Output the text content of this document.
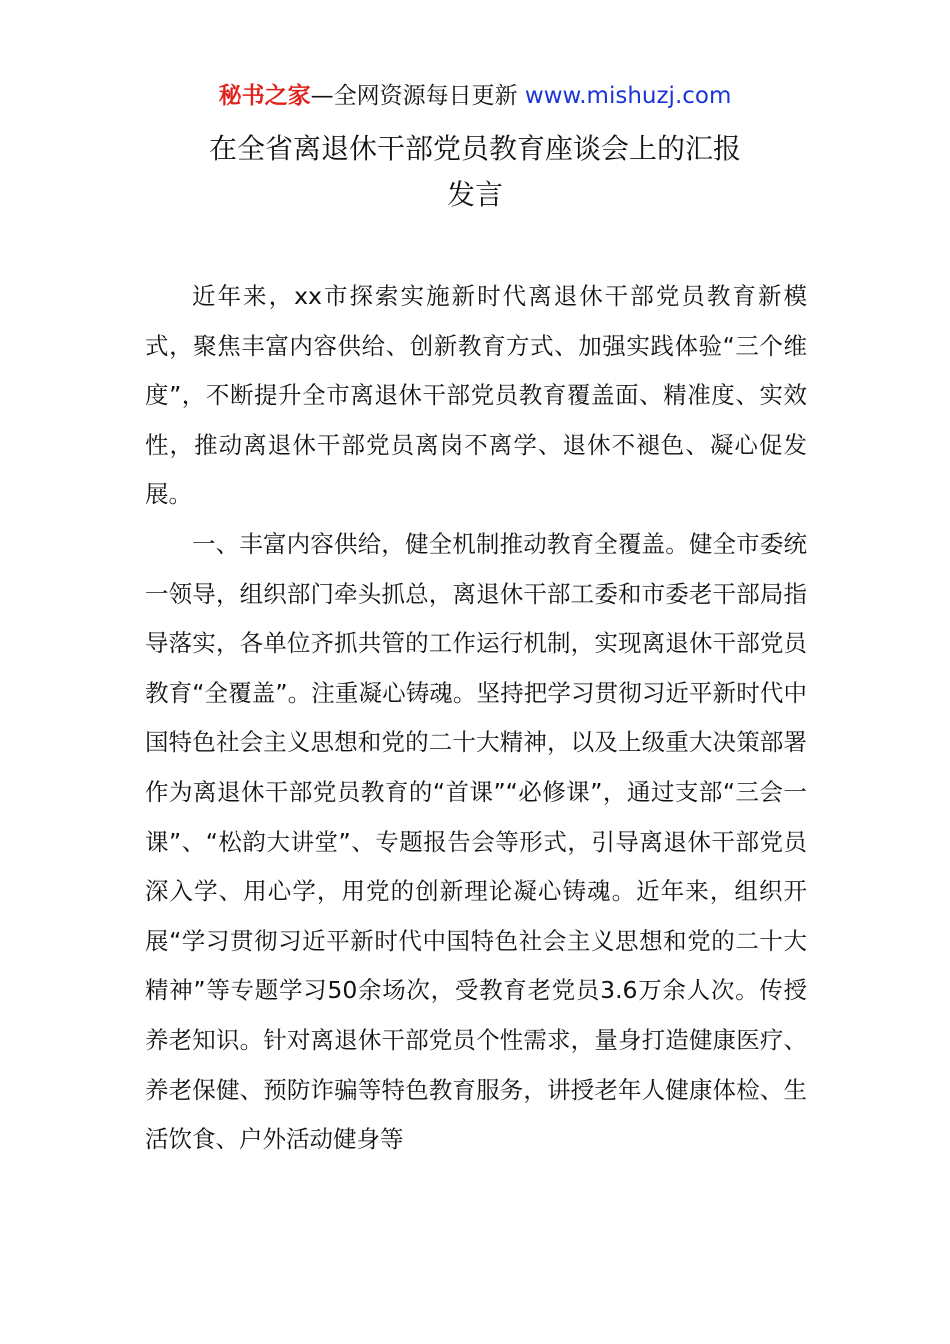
秘书之家—全网资源每日更新 www.mishuzj.com
在全省离退休干部党员教育座谈会上的汇报
发言

近年来，xx市探索实施新时代离退休干部党员教育新模式，聚焦丰富内容供给、创新教育方式、加强实践体验“三个维度”，不断提升全市离退休干部党员教育覆盖面、精准度、实效性，推动离退休干部党员离岗不离学、退休不褪色、凝心促发展。

一、丰富内容供给，健全机制推动教育全覆盖。健全市委统一领导，组织部门牵头抓总，离退休干部工委和市委老干部局指导落实，各单位齐抓共管的工作运行机制，实现离退休干部党员教育“全覆盖”。注重凝心铸魂。坚持把学习贯彻习近平新时代中国特色社会主义思想和党的二十大精神，以及上级重大决策部署作为离退休干部党员教育的“首课”“必修课”，通过支部“三会一课”、“松韵大讲堂”、专题报告会等形式，引导离退休干部党员深入学、用心学，用党的创新理论凝心铸魂。近年来，组织开展“学习贯彻习近平新时代中国特色社会主义思想和党的二十大精神”等专题学习50余场次，受教育老党员3.6万余人次。传授养老知识。针对离退休干部党员个性需求，量身打造健康医疗、养老保健、预防诈骗等特色教育服务，讲授老年人健康体检、生活饮食、户外活动健身等
